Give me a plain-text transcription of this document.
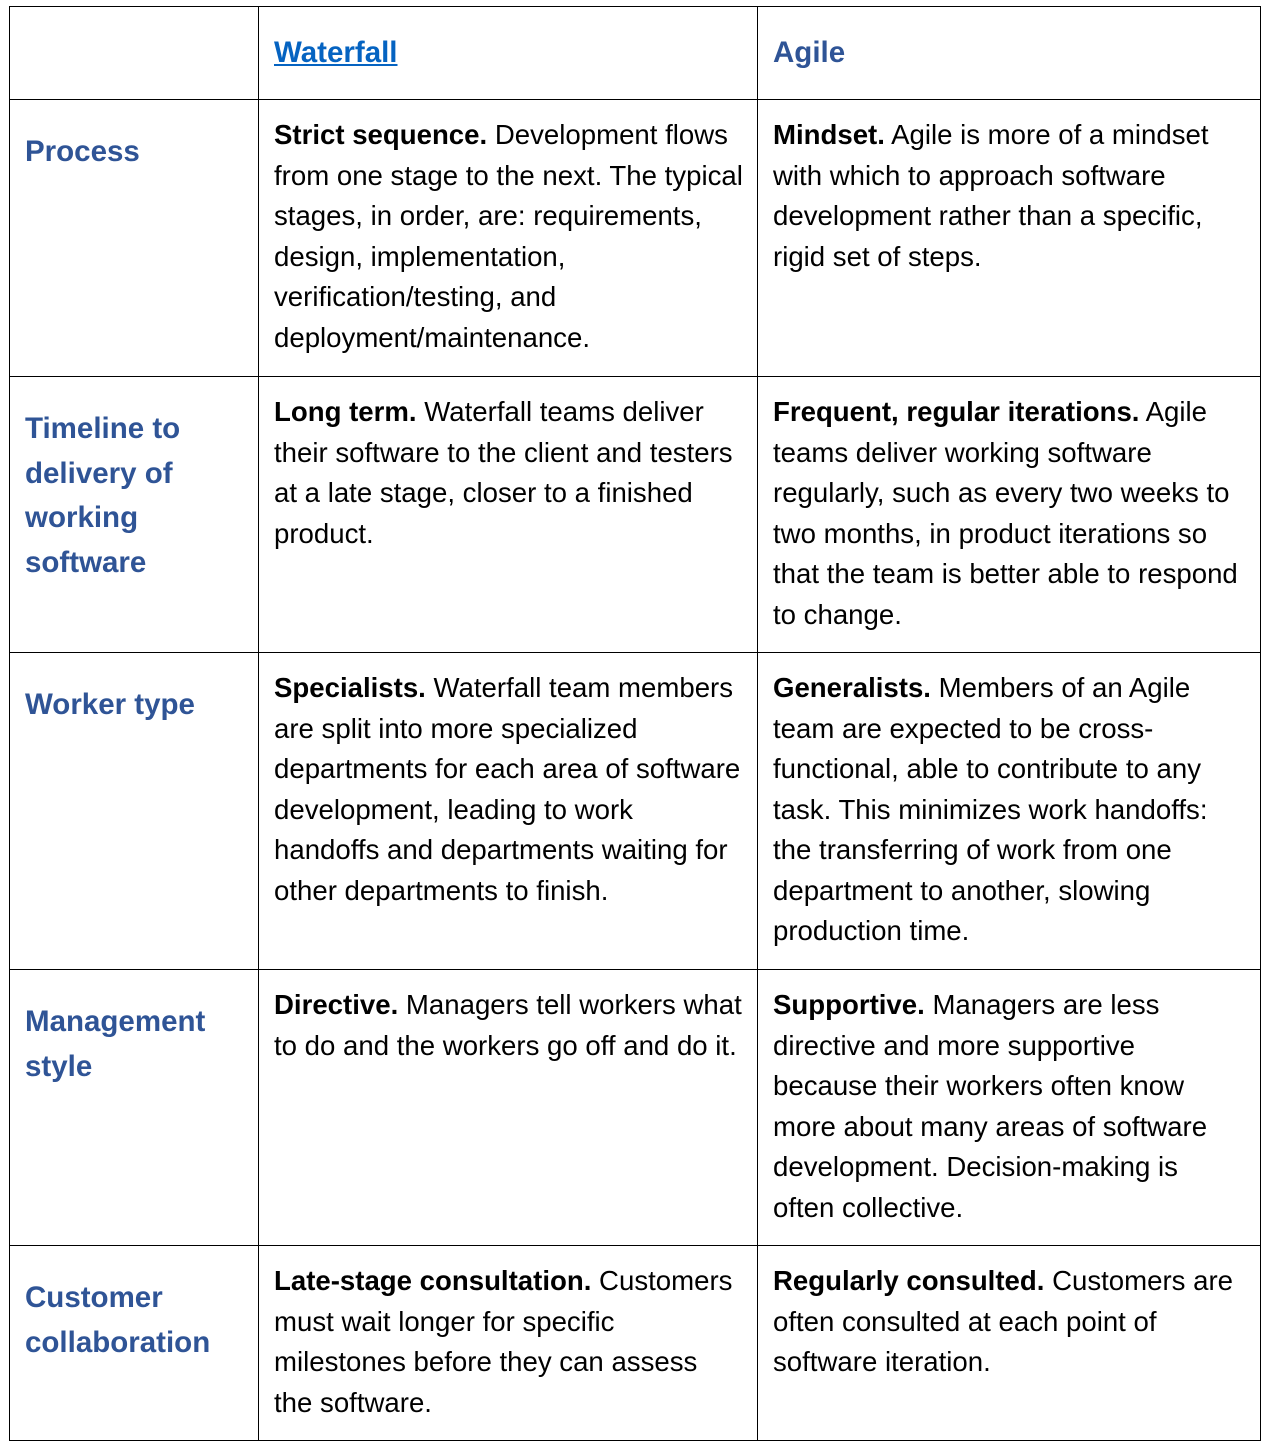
	Waterfall	Agile
Process	Strict sequence. Development flows from one stage to the next. The typical stages, in order, are: requirements, design, implementation, verification/testing, and deployment/maintenance.	Mindset. Agile is more of a mindset with which to approach software development rather than a specific, rigid set of steps.
Timeline to delivery of working software	Long term. Waterfall teams deliver their software to the client and testers at a late stage, closer to a finished product.	Frequent, regular iterations. Agile teams deliver working software regularly, such as every two weeks to two months, in product iterations so that the team is better able to respond to change.
Worker type	Specialists. Waterfall team members are split into more specialized departments for each area of software development, leading to work handoffs and departments waiting for other departments to finish.	Generalists. Members of an Agile team are expected to be cross-functional, able to contribute to any task. This minimizes work handoffs: the transferring of work from one department to another, slowing production time.
Management style	Directive. Managers tell workers what to do and the workers go off and do it.	Supportive. Managers are less directive and more supportive because their workers often know more about many areas of software development. Decision-making is often collective.
Customer collaboration	Late-stage consultation. Customers must wait longer for specific milestones before they can assess the software.	Regularly consulted. Customers are often consulted at each point of software iteration.
